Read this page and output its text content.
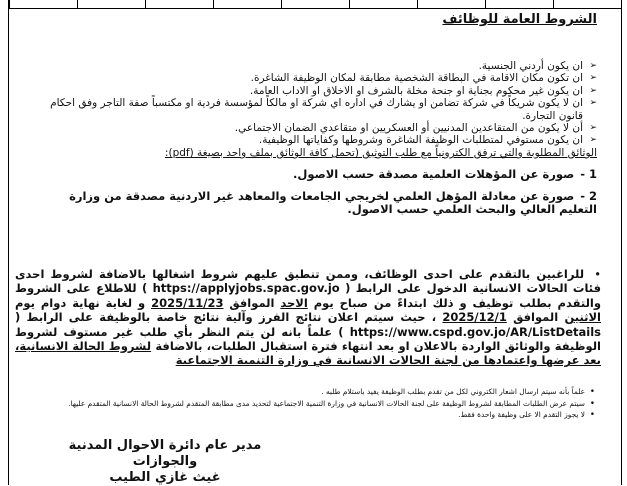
الشروط العامة للوظائف
➢ ان يكون أردني الجنسية.
➢ ان تكون مكان الاقامة في البطاقة الشخصية مطابقة لمكان الوظيفة الشاغرة.
➢ ان يكون غير محكوم بجناية او جنحة مخلة بالشرف او الاخلاق او الاداب العامة.
➢ ان لا يكون شريكاً في شركة تضامن او يشارك في اداره اي شركة او مالكاً لمؤسسة فردية او مكتسباً صفة التاجر وفق احكام قانون التجارة.
➢ أن لا يكون من المتقاعدين المدنيين أو العسكريين او متقاعدي الضمان الاجتماعي.
➢ ان يكون مستوفي لمتطلبات الوظيفة الشاغرة وشروطها وكفاياتها الوظيفية.
الوثائق المطلوبة والتي ترفق الكترونياً مع طلب التوثيق (تحمل كافة الوثائق بملف واحد بصيغة (pdf):
1 -صورة عن المؤهلات العلمية مصدقة حسب الاصول.
2 -صورة عن معادلة المؤهل العلمي لخريجي الجامعات والمعاهد غير الاردنية مصدقة من وزارة التعليم العالي والبحث العلمي حسب الاصول.
• للراغبين بالتقدم على احدى الوظائف، وممن تنطبق عليهم شروط اشغالها بالاضافة لشروط احدى فئات الحالات الانسانية الدخول على الرابط ( https://applyjobs.spac.gov.jo ) للاطلاع على الشروط والتقدم بطلب توظيف و ذلك ابتداءً من صباح يوم الاحد الموافق 2025/11/23 و لغاية نهاية دوام يوم الاثنين الموافق 2025/12/1 ، حيث سيتم اعلان نتائج الفرز وآلية نتائج خاصة بالوظيفة على الرابط ( https://www.cspd.gov.jo/AR/ListDetails ) علماً بانه لن يتم النظر بأي طلب غير مستوف لشروط الوظيفة والوثائق الواردة بالاعلان او بعد انتهاء فترة استقبال الطلبات، بالاضافة لشروط الحالة الانسانية، يعد عرضها واعتمادها من لجنة الحالات الانسانية في وزارة التنمية الاجتماعية
• علماً بأنه سيتم ارسال اشعار الكتروني لكل من تقدم بطلب الوظيفة يفيد باستلام طلبه .
• سيتم عرض الطلبات المطابقة لشروط الوظيفة على لجنة الحالات الانسانية في وزارة التنمية الاجتماعية لتحديد مدى مطابقة المتقدم لشروط الحالة الانسانية المتقدم عليها.
• لا يجوز التقدم الا على وظيفة واحدة فقط.
مدير عام دائرة الاحوال المدنية والجوازات
غيث غازي الطيب
